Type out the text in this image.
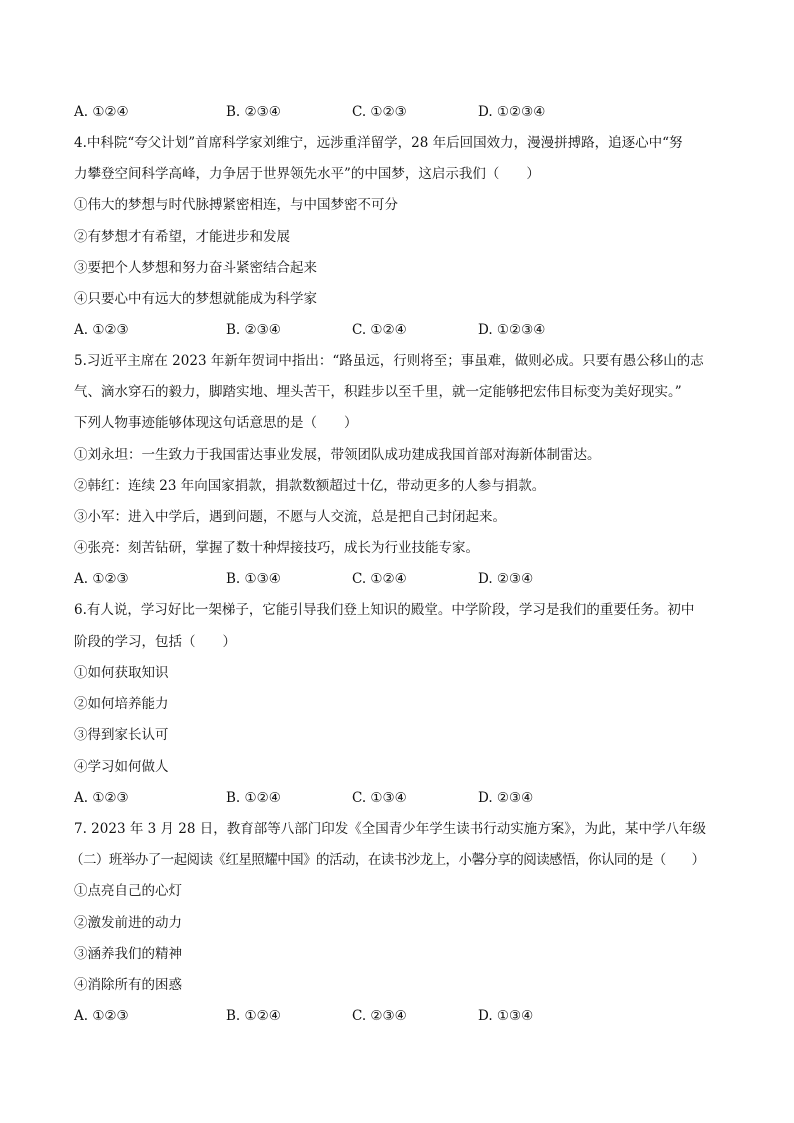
A. ①②④	B. ②③④	C. ①②③	D. ①②③④
4.中科院“夸父计划”首席科学家刘维宁，远涉重洋留学，28 年后回国效力，漫漫拼搏路，追逐心中“努
力攀登空间科学高峰，力争居于世界领先水平”的中国梦，这启示我们（　　）
①伟大的梦想与时代脉搏紧密相连，与中国梦密不可分
②有梦想才有希望，才能进步和发展
③要把个人梦想和努力奋斗紧密结合起来
④只要心中有远大的梦想就能成为科学家
A. ①②③	B. ②③④	C. ①②④	D. ①②③④
5.习近平主席在 2023 年新年贺词中指出：“路虽远，行则将至；事虽难，做则必成。只要有愚公移山的志
气、滴水穿石的毅力，脚踏实地、埋头苦干，积跬步以至千里，就一定能够把宏伟目标变为美好现实。”
下列人物事迹能够体现这句话意思的是（　　）
①刘永坦：一生致力于我国雷达事业发展，带领团队成功建成我国首部对海新体制雷达。
②韩红：连续 23 年向国家捐款，捐款数额超过十亿，带动更多的人参与捐款。
③小军：进入中学后，遇到问题，不愿与人交流，总是把自己封闭起来。
④张亮：刻苦钻研，掌握了数十种焊接技巧，成长为行业技能专家。
A. ①②③	B. ①③④	C. ①②④	D. ②③④
6.有人说，学习好比一架梯子，它能引导我们登上知识的殿堂。中学阶段，学习是我们的重要任务。初中
阶段的学习，包括（　　）
①如何获取知识
②如何培养能力
③得到家长认可
④学习如何做人
A. ①②③	B. ①②④	C. ①③④	D. ②③④
7. 2023 年 3 月 28 日，教育部等八部门印发《全国青少年学生读书行动实施方案》，为此，某中学八年级
（二）班举办了一起阅读《红星照耀中国》的活动，在读书沙龙上，小馨分享的阅读感悟，你认同的是（　　）
①点亮自己的心灯
②激发前进的动力
③涵养我们的精神
④消除所有的困惑
A. ①②③	B. ①②④	C. ②③④	D. ①③④
